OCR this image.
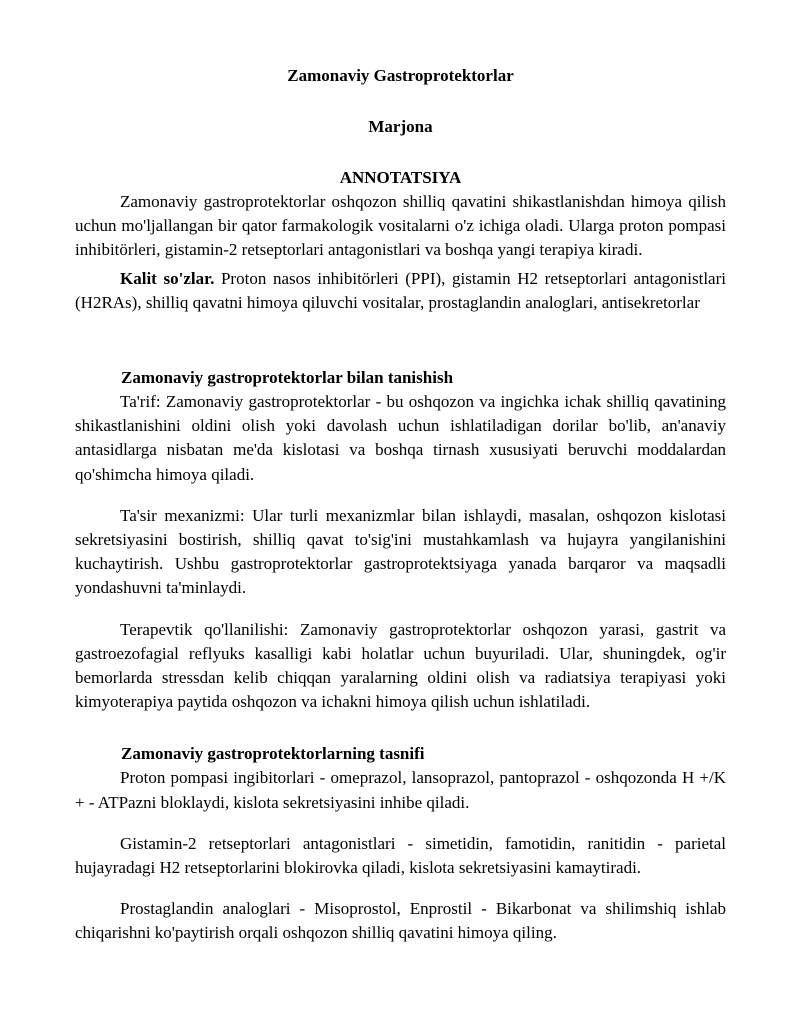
Zamonaviy Gastroprotektorlar
Marjona
ANNOTATSIYA

Zamonaviy gastroprotektorlar oshqozon shilliq qavatini shikastlanishdan himoya qilish uchun mo'ljallangan bir qator farmakologik vositalarni o'z ichiga oladi. Ularga proton pompasi inhibitörleri, gistamin-2 retseptorlari antagonistlari va boshqa yangi terapiya kiradi.

Kalit so'zlar. Proton nasos inhibitörleri (PPI), gistamin H2 retseptorlari antagonistlari (H2RAs), shilliq qavatni himoya qiluvchi vositalar, prostaglandin analoglari, antisekretorlar

Zamonaviy gastroprotektorlar bilan tanishish

Ta'rif: Zamonaviy gastroprotektorlar - bu oshqozon va ingichka ichak shilliq qavatining shikastlanishini oldini olish yoki davolash uchun ishlatiladigan dorilar bo'lib, an'anaviy antasidlarga nisbatan me'da kislotasi va boshqa tirnash xususiyati beruvchi moddalardan qo'shimcha himoya qiladi.

Ta'sir mexanizmi: Ular turli mexanizmlar bilan ishlaydi, masalan, oshqozon kislotasi sekretsiyasini bostirish, shilliq qavat to'sig'ini mustahkamlash va hujayra yangilanishini kuchaytirish. Ushbu gastroprotektorlar gastroprotektsiyaga yanada barqaror va maqsadli yondashuvni ta'minlaydi.

Terapevtik qo'llanilishi: Zamonaviy gastroprotektorlar oshqozon yarasi, gastrit va gastroezofagial reflyuks kasalligi kabi holatlar uchun buyuriladi. Ular, shuningdek, og'ir bemorlarda stressdan kelib chiqqan yaralarning oldini olish va radiatsiya terapiyasi yoki kimyoterapiya paytida oshqozon va ichakni himoya qilish uchun ishlatiladi.

Zamonaviy gastroprotektorlarning tasnifi

Proton pompasi ingibitorlari - omeprazol, lansoprazol, pantoprazol - oshqozonda H +/K + - ATPazni bloklaydi, kislota sekretsiyasini inhibe qiladi.

Gistamin-2 retseptorlari antagonistlari - simetidin, famotidin, ranitidin - parietal hujayradagi H2 retseptorlarini blokirovka qiladi, kislota sekretsiyasini kamaytiradi.

Prostaglandin analoglari - Misoprostol, Enprostil - Bikarbonat va shilimshiq ishlab chiqarishni ko'paytirish orqali oshqozon shilliq qavatini himoya qiling.
